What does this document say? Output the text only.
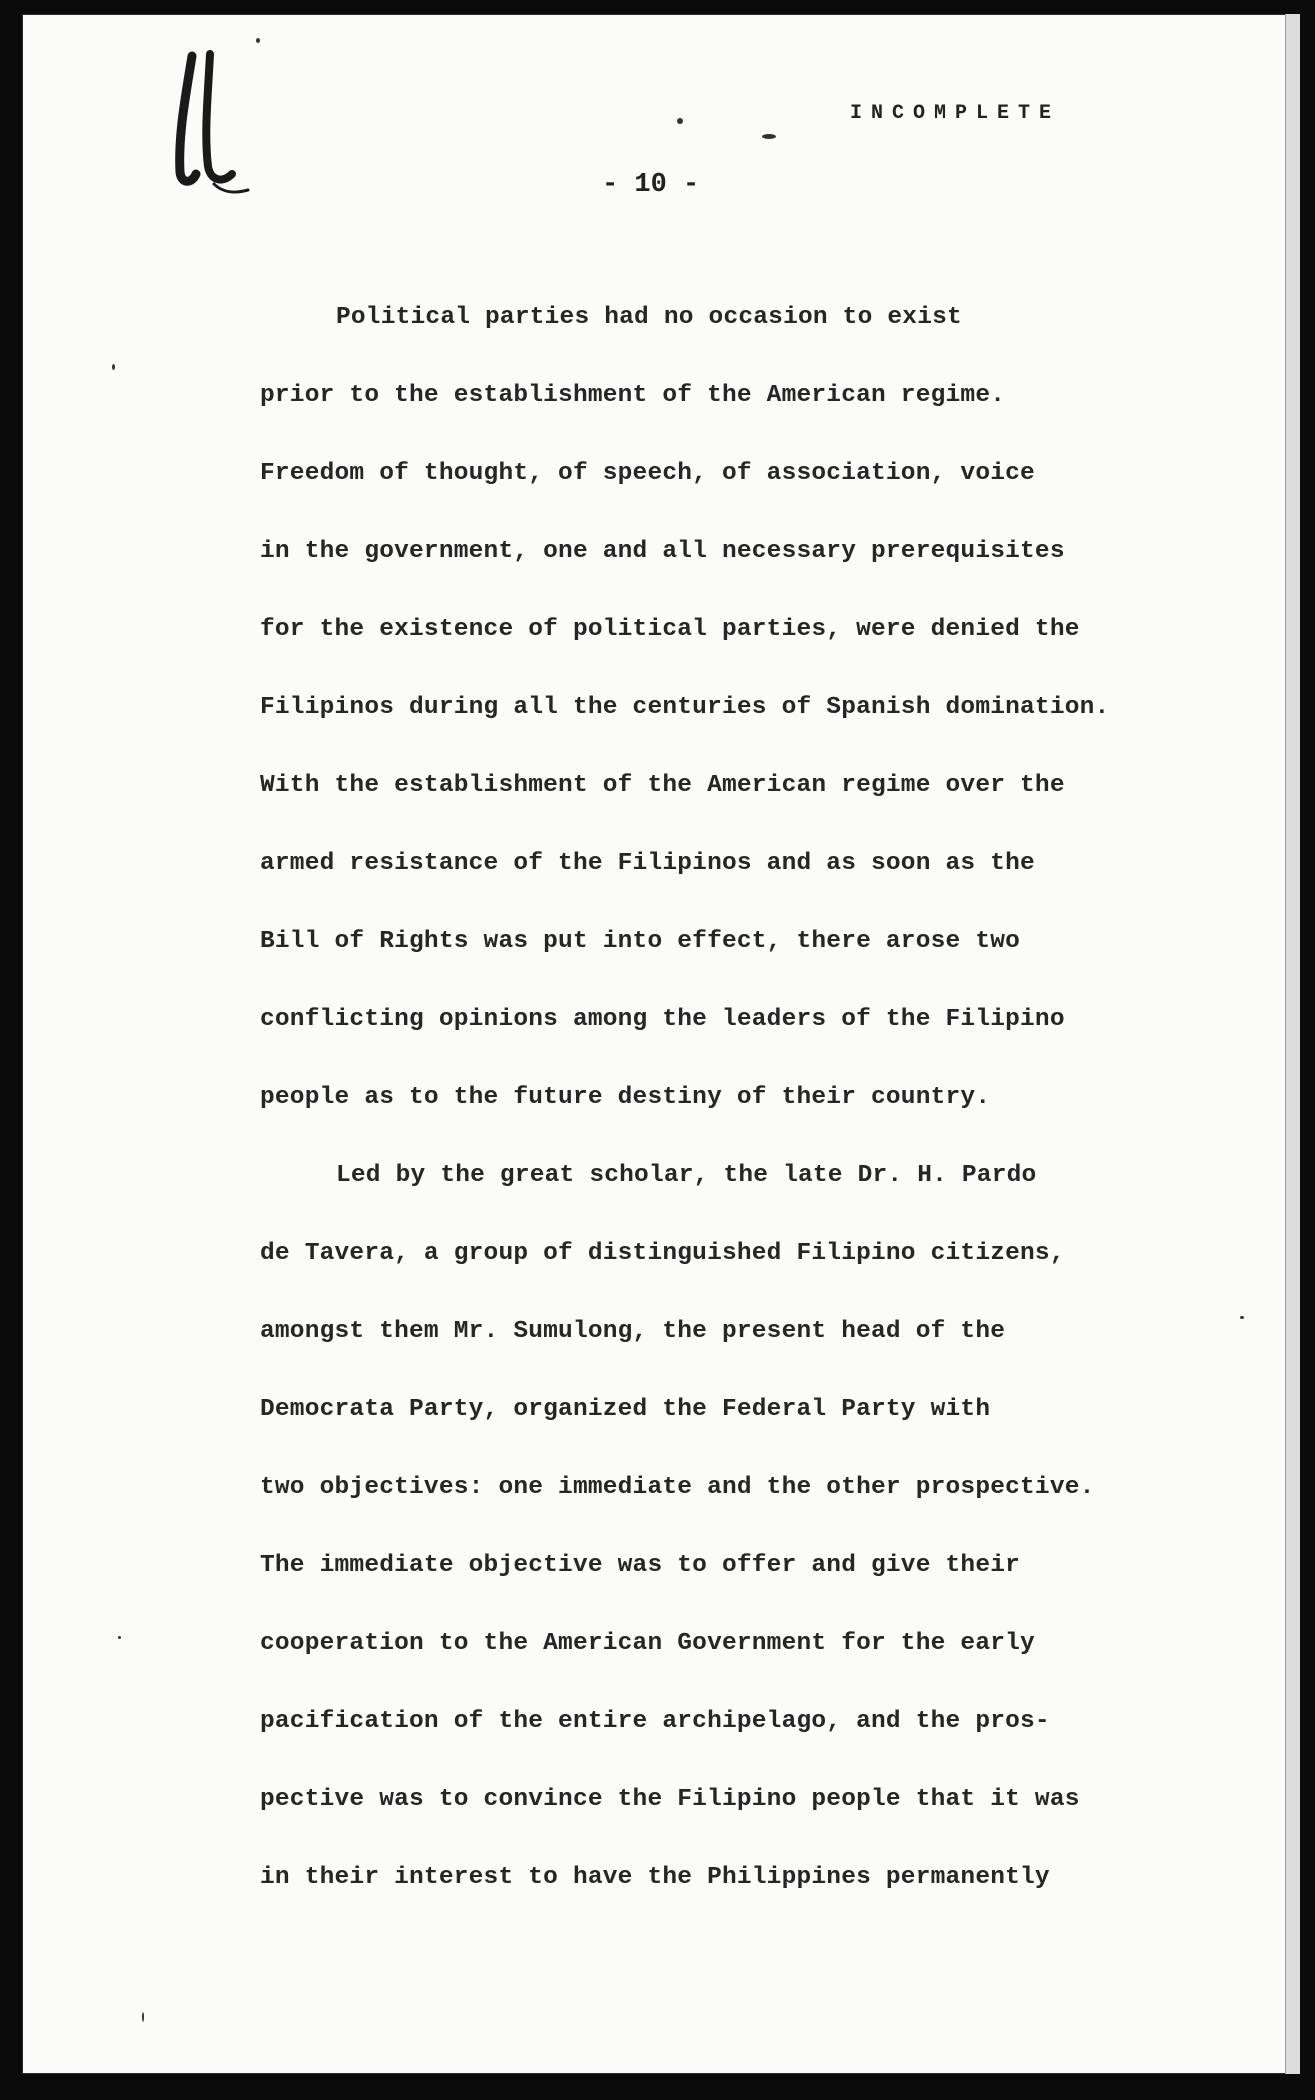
INCOMPLETE
- 10 -
Political parties had no occasion to exist
prior to the establishment of the American regime.
Freedom of thought, of speech, of association, voice
in the government, one and all necessary prerequisites
for the existence of political parties, were denied the
Filipinos during all the centuries of Spanish domination.
With the establishment of the American regime over the
armed resistance of the Filipinos and as soon as the
Bill of Rights was put into effect, there arose two
conflicting opinions among the leaders of the Filipino
people as to the future destiny of their country.
Led by the great scholar, the late Dr. H. Pardo
de Tavera, a group of distinguished Filipino citizens,
amongst them Mr. Sumulong, the present head of the
Democrata Party, organized the Federal Party with
two objectives: one immediate and the other prospective.
The immediate objective was to offer and give their
cooperation to the American Government for the early
pacification of the entire archipelago, and the pros-
pective was to convince the Filipino people that it was
in their interest to have the Philippines permanently
